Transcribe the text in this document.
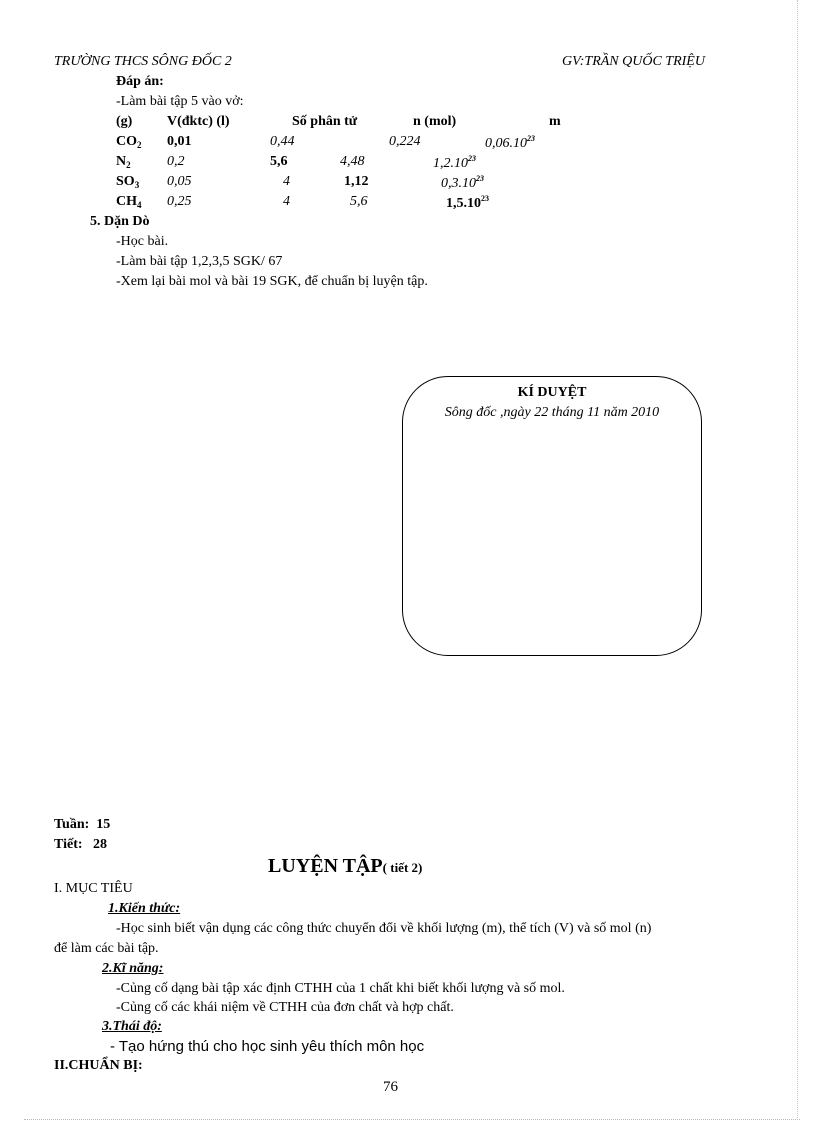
TRƯỜNG THCS SÔNG ĐỐC 2	GV:TRẦN QUỐC TRIỆU
Đáp án:
-Làm bài tập 5 vào vở:
(g) V(đktc) (l)	Số phân tử	n (mol)	m
$CO_2$ 0,01	0,44	0,224	0,06.10$^{23}$
$N_2$	0,2	5,6	4,48	1,2.10$^{23}$
$SO_3$ 0,05	4	1,12	0,3.10$^{23}$
$CH_4$ 0,25	4	5,6	1,5.10$^{23}$
5. Dặn Dò
-Học bài.
-Làm bài tập 1,2,3,5 SGK/ 67
-Xem lại bài mol và bài 19 SGK, để chuẩn bị luyện tập.
KÍ DUYỆT
Sông đốc ,ngày 22 tháng 11 năm 2010
Tuần: 15
Tiết: 28
LUYỆN TẬP( tiết 2)
I. MỤC TIÊU
1.Kiến thức:
-Học sinh biết vận dụng các công thức chuyển đổi về khối lượng (m), thể tích (V) và số mol (n)
để làm các bài tập.
2.Kĩ năng:
-Củng cố dạng bài tập xác định CTHH của 1 chất khi biết khối lượng và số mol.
-Củng cố các khái niệm về CTHH của đơn chất và hợp chất.
3.Thái độ:
- Tạo hứng thú cho học sinh yêu thích môn học
II.CHUẨN BỊ:
76
